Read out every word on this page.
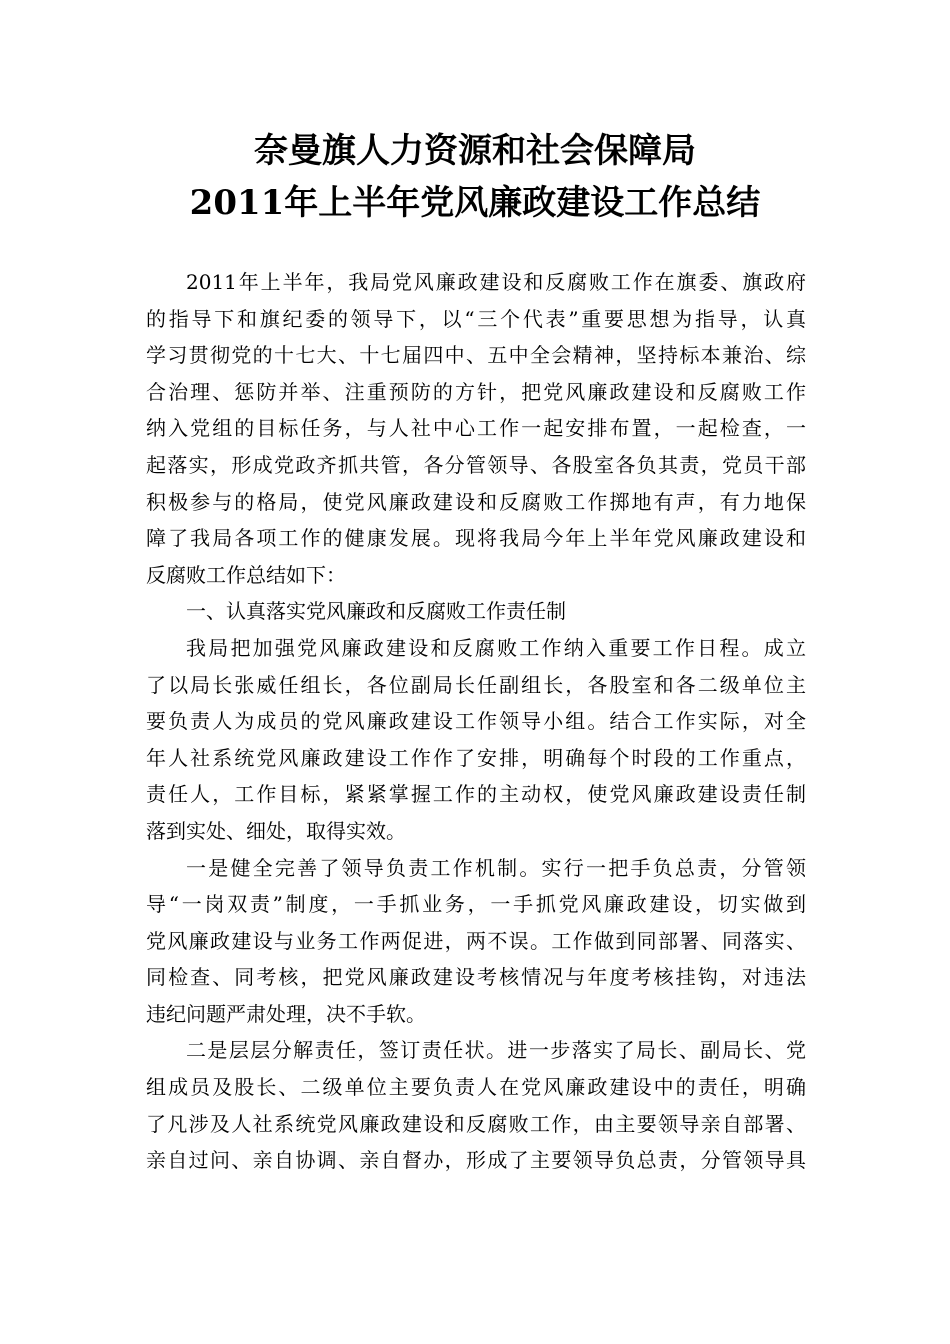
奈曼旗人力资源和社会保障局
2011年上半年党风廉政建设工作总结
2011年上半年，我局党风廉政建设和反腐败工作在旗委、旗政府
的指导下和旗纪委的领导下，以“三个代表”重要思想为指导，认真
学习贯彻党的十七大、十七届四中、五中全会精神，坚持标本兼治、综
合治理、惩防并举、注重预防的方针，把党风廉政建设和反腐败工作
纳入党组的目标任务，与人社中心工作一起安排布置，一起检查，一
起落实，形成党政齐抓共管，各分管领导、各股室各负其责，党员干部
积极参与的格局，使党风廉政建设和反腐败工作掷地有声，有力地保
障了我局各项工作的健康发展。现将我局今年上半年党风廉政建设和
反腐败工作总结如下：
一、认真落实党风廉政和反腐败工作责任制
我局把加强党风廉政建设和反腐败工作纳入重要工作日程。成立
了以局长张威任组长，各位副局长任副组长，各股室和各二级单位主
要负责人为成员的党风廉政建设工作领导小组。结合工作实际，对全
年人社系统党风廉政建设工作作了安排，明确每个时段的工作重点，
责任人，工作目标，紧紧掌握工作的主动权，使党风廉政建设责任制
落到实处、细处，取得实效。
一是健全完善了领导负责工作机制。实行一把手负总责，分管领
导“一岗双责”制度，一手抓业务，一手抓党风廉政建设，切实做到
党风廉政建设与业务工作两促进，两不误。工作做到同部署、同落实、
同检查、同考核，把党风廉政建设考核情况与年度考核挂钩，对违法
违纪问题严肃处理，决不手软。
二是层层分解责任，签订责任状。进一步落实了局长、副局长、党
组成员及股长、二级单位主要负责人在党风廉政建设中的责任，明确
了凡涉及人社系统党风廉政建设和反腐败工作，由主要领导亲自部署、
亲自过问、亲自协调、亲自督办，形成了主要领导负总责，分管领导具
